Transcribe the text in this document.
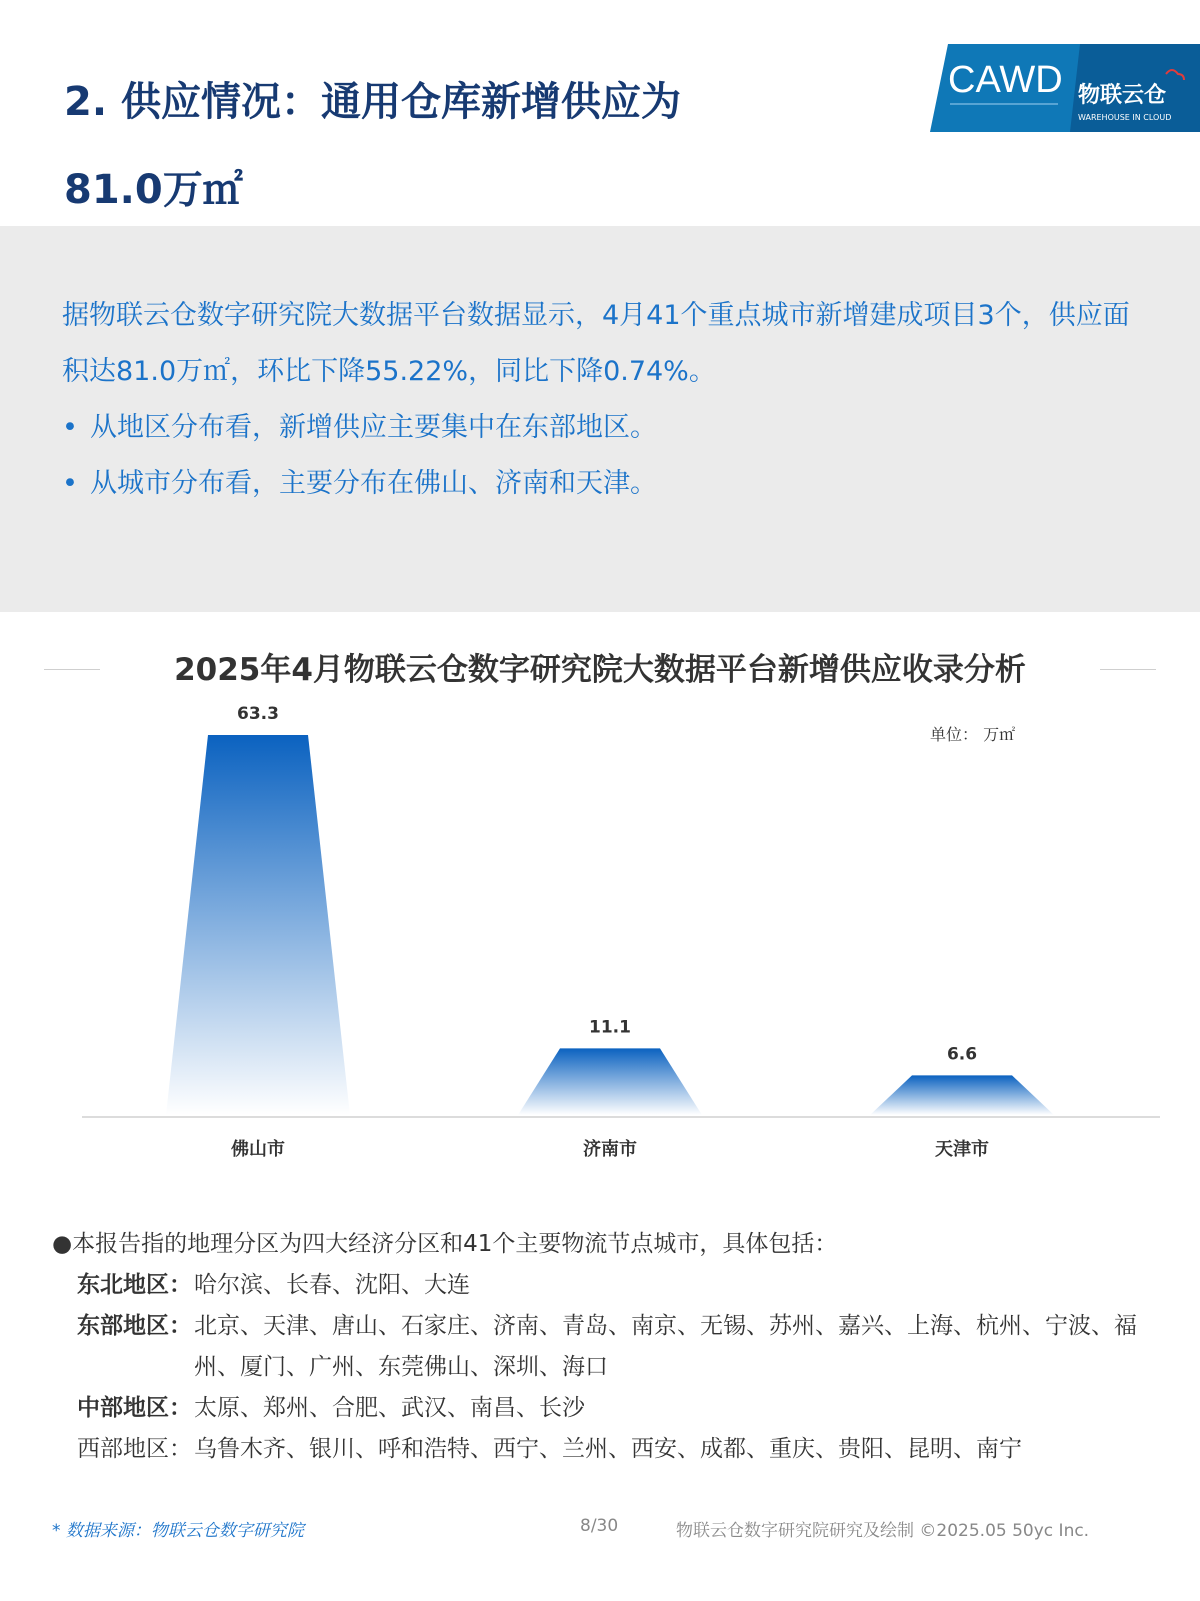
2. 供应情况：通用仓库新增供应为
81.0万㎡
CAWD 物联云仓
WAREHOUSE IN CLOUD
据物联云仓数字研究院大数据平台数据显示，4月41个重点城市新增建成项目3个，供应面积达81.0万㎡，环比下降55.22%，同比下降0.74%。
• 从地区分布看，新增供应主要集中在东部地区。
• 从城市分布看，主要分布在佛山、济南和天津。
2025年4月物联云仓数字研究院大数据平台新增供应收录分析
单位： 万㎡
63.3
佛山市
11.1
济南市
6.6
天津市
●本报告指的地理分区为四大经济分区和41个主要物流节点城市，具体包括：
东北地区： 哈尔滨、长春、沈阳、大连
东部地区： 北京、天津、唐山、石家庄、济南、青岛、南京、无锡、苏州、嘉兴、上海、杭州、宁波、福州、厦门、广州、东莞佛山、深圳、海口
中部地区： 太原、郑州、合肥、武汉、南昌、长沙
西部地区： 乌鲁木齐、银川、呼和浩特、西宁、兰州、西安、成都、重庆、贵阳、昆明、南宁
* 数据来源：物联云仓数字研究院	8/30	物联云仓数字研究院研究及绘制 ©2025.05 50yc Inc.
